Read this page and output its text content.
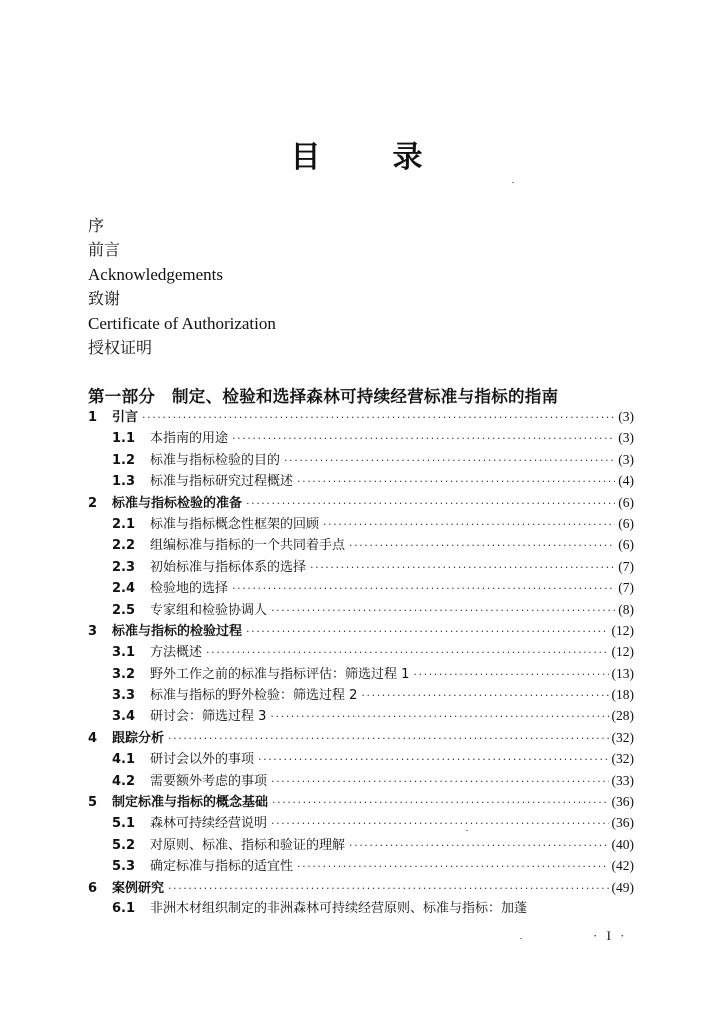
目录
序
前言
Acknowledgements
致谢
Certificate of Authorization
授权证明
第一部分　制定、检验和选择森林可持续经营标准与指标的指南
1	引言 ·····	(3)
1.1	本指南的用途 ·····	(3)
1.2	标准与指标检验的目的 ·····	(3)
1.3	标准与指标研究过程概述 ·····	(4)
2	标准与指标检验的准备 ·····	(6)
2.1	标准与指标概念性框架的回顾 ·····	(6)
2.2	组编标准与指标的一个共同着手点 ·····	(6)
2.3	初始标准与指标体系的选择 ·····	(7)
2.4	检验地的选择 ·····	(7)
2.5	专家组和检验协调人 ·····	(8)
3	标准与指标的检验过程 ·····	(12)
3.1	方法概述 ·····	(12)
3.2	野外工作之前的标准与指标评估：筛选过程 1 ·····	(13)
3.3	标准与指标的野外检验：筛选过程 2 ·····	(18)
3.4	研讨会：筛选过程 3 ·····	(28)
4	跟踪分析 ·····	(32)
4.1	研讨会以外的事项 ·····	(32)
4.2	需要额外考虑的事项 ·····	(33)
5	制定标准与指标的概念基础 ·····	(36)
5.1	森林可持续经营说明 ·····	(36)
5.2	对原则、标准、指标和验证的理解 ·····	(40)
5.3	确定标准与指标的适宜性 ·····	(42)
6	案例研究 ·····	(49)
6.1	非洲木材组织制定的非洲森林可持续经营原则、标准与指标：加蓬
· I ·
